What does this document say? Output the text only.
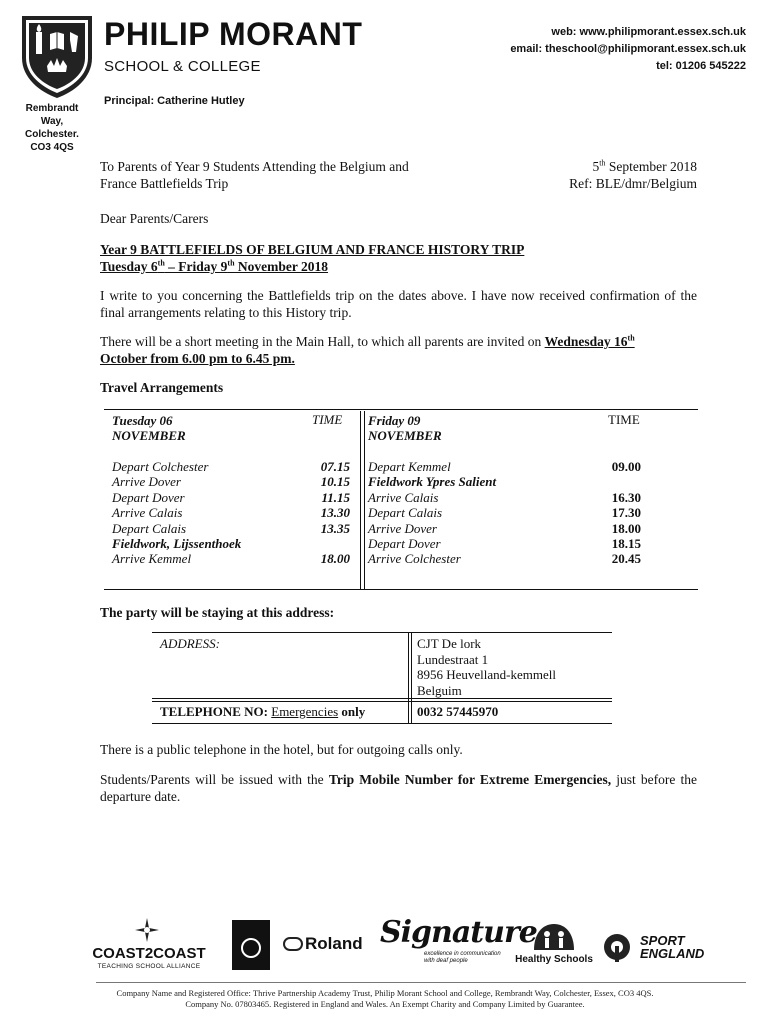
PHILIP MORANT
SCHOOL & COLLEGE
Principal: Catherine Hutley
Rembrandt Way,
Colchester.
CO3 4QS
web: www.philipmorant.essex.sch.uk
email: theschool@philipmorant.essex.sch.uk
tel: 01206 545222
To Parents of Year 9 Students Attending the Belgium and
France Battlefields Trip
5th September 2018
Ref: BLE/dmr/Belgium
Dear Parents/Carers
Year 9 BATTLEFIELDS OF BELGIUM AND FRANCE HISTORY TRIP
Tuesday 6th – Friday 9th November 2018
I write to you concerning the Battlefields trip on the dates above. I have now received confirmation of the final arrangements relating to this History trip.
There will be a short meeting in the Main Hall, to which all parents are invited on Wednesday 16th
October from 6.00 pm to 6.45 pm.
Travel Arrangements
Tuesday 06
NOVEMBER
TIME
Depart Colchester	07.15
Arrive Dover	10.15
Depart Dover	11.15
Arrive Calais	13.30
Depart Calais	13.35
Fieldwork, Lijssenthoek	
Arrive Kemmel	18.00
Friday 09
NOVEMBER
TIME
Depart Kemmel	09.00
Fieldwork Ypres Salient	
Arrive Calais	16.30
Depart Calais	17.30
Arrive Dover	18.00
Depart Dover	18.15
Arrive Colchester	20.45
The party will be staying at this address:
ADDRESS:	CJT De lork
Lundestraat 1
8956 Heuvelland-kemmell
Belguim
TELEPHONE NO: Emergencies only	0032 57445970
There is a public telephone in the hotel, but for outgoing calls only.
Students/Parents will be issued with the Trip Mobile Number for Extreme Emergencies, just before the departure date.
COAST2COAST
TEACHING SCHOOL ALLIANCE
Roland Signature
excellence in communication
with deaf people	Healthy Schools
SPORT
ENGLAND
Company Name and Registered Office: Thrive Partnership Academy Trust, Philip Morant School and College, Rembrandt Way, Colchester, Essex, CO3 4QS.
Company No. 07803465. Registered in England and Wales. An Exempt Charity and Company Limited by Guarantee.
